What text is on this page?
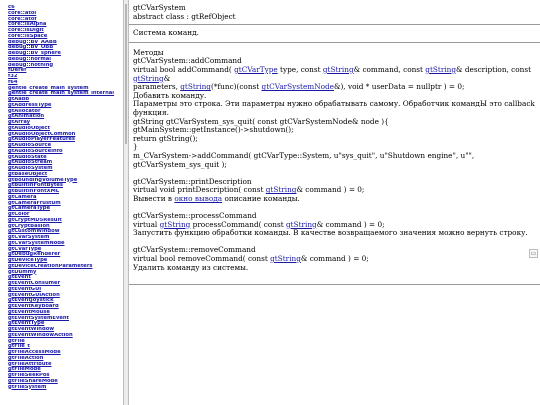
c6
core::atoi
core::atof
core::isAlpha
core::isDigit
core::isSpace
debug::BV_AABB
debug::BV_OBB
debug::BV_sphere
debug::normal
debug::nothing
fDeref
f32
f64
gentle_create_main_system
gentle_create_main_system_internal
gtAabb
gtAddressType
gtAllocator
gtAnimation
gtArray
gtAudioObject
gtAudioObjectCommon
gtAudioPlayerFeatures
gtAudioSource
gtAudioSourceInfo
gtAudioState
gtAudioStream
gtAudioSystem
gtBaseObject
gtBoundingVolumeType
gtBuiltInFontBytes
gtBuiltInFontXML
gtCamera
gtCameraFrustum
gtCameraType
gtColor
gtCryptMD5Result
gtCryptBaslon
gtCustomWindow
gtCVarSystem
gtCVarSystemNode
gtCVarType
gtDebugRenderer
gtDeviceType
gtDeviceCreationParameters
gtDummy
gtEvent
gtEventConsumer
gtEventGUI
gtEventGUIAction
gtEventJoystick
gtEventKeyboard
gtEventMouse
gtEventSystemEvent
gtEventType
gtEventWindow
gtEventWindowAction
gtFile
gtFile_t
gtFileAccessMode
gtFileAction
gtFileAttribute
gtFileMode
gtFileSeekPos
gtFileShareMode
gtFileSystem
gtCVarSystem
abstract class : gtRefObject
Система команд.
Методы
gtCVarSystem::addCommand
virtual bool addCommand( gtCVarType type, const gtString& command, const gtString& description, const gtString&
parameters, gtString(*func)(const gtCVarSystemNode&), void * userData = nullptr ) = 0;
Добавить команду.
Параметры это строка. Эти параметры нужно обрабатывать самому. Обработчик командЫ это callback функция.
gtString gtCVarSystem_sys_quit( const gtCVarSystemNode& node ){
gtMainSystem::getInstance()->shutdown();
return gtString();
}
m_CVarSystem->addCommand( gtCVarType::System, u"sys_quit", u"Shutdown engine", u"", gtCVarSystem_sys_quit );
gtCVarSystem::printDescription
virtual void printDescription( const gtString& command ) = 0;
Вывести в окно вывода описание команды.
gtCVarSystem::processCommand
virtual gtString processCommand( const gtString& command ) = 0;
Запустить функцию обработки команды. В качестве возвращаемого значения можно вернуть строку.
gtCVarSystem::removeCommand
virtual bool removeCommand( const gtString& command ) = 0;
Удалить команду из системы.
▭
